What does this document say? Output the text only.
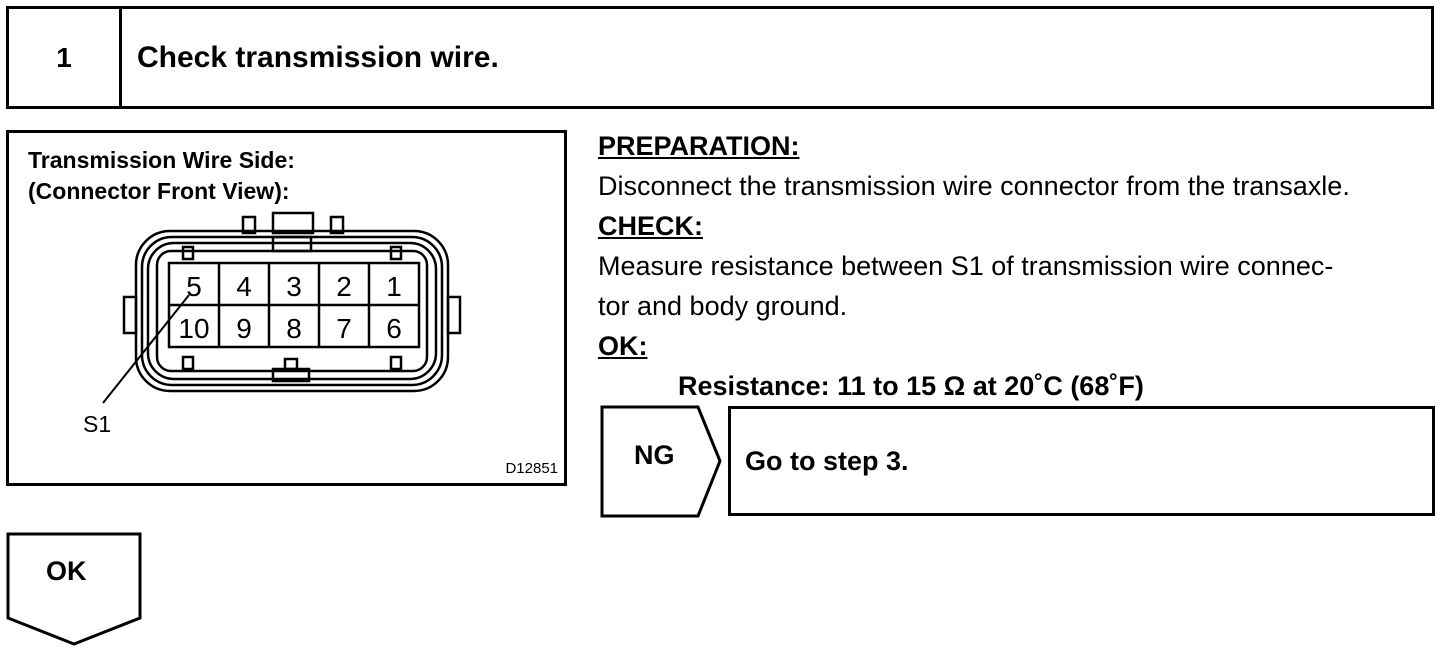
1	Check transmission wire.
Transmission Wire Side:
(Connector Front View):
5 4 3 2 1
10 9 8 7 6
S1
D12851
PREPARATION:
Disconnect the transmission wire connector from the transaxle.
CHECK:
Measure resistance between S1 of transmission wire connec-
tor and body ground.
OK:
Resistance: 11 to 15 Ω at 20˚C (68˚F)
NG	Go to step 3.
OK
